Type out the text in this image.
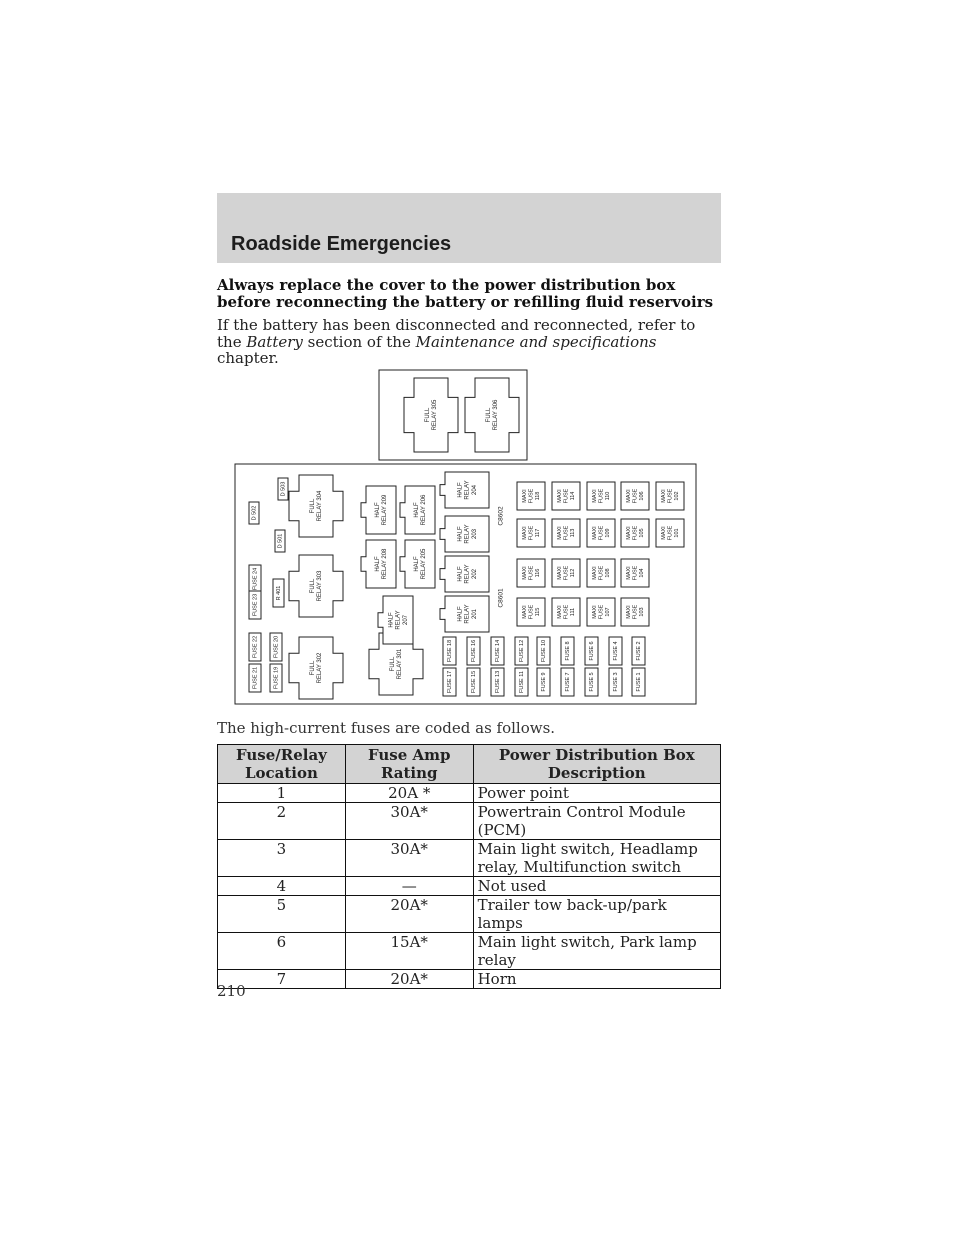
Roadside Emergencies
Always replace the cover to the power distribution box before reconnecting the battery or refilling fluid reservoirs
If the battery has been disconnected and reconnected, refer to the Battery section of the Maintenance and specifications chapter.
FULL RELAY 305	FULL RELAY 306
D 503
D 502
D 501
R 401
FUSE 24
FUSE 23
FUSE 22
FUSE 21
FUSE 20
FUSE 19
FULL RELAY 304
FULL RELAY 303
FULL RELAY 302	FULL RELAY 301
HALF RELAY 209	HALF RELAY 206
HALF RELAY 208	HALF RELAY 205
HALF RELAY 207
HALF RELAY 204
HALF RELAY 203
HALF RELAY 202
HALF RELAY 201
C8602
C8601
MAXI FUSE 118	MAXI FUSE 114	MAXI FUSE 110	MAXI FUSE 106	MAXI FUSE 102
MAXI FUSE 117	MAXI FUSE 113	MAXI FUSE 109	MAXI FUSE 105	MAXI FUSE 101
MAXI FUSE 116	MAXI FUSE 112	MAXI FUSE 108	MAXI FUSE 104
MAXI FUSE 115	MAXI FUSE 111	MAXI FUSE 107	MAXI FUSE 103
FUSE 18
FUSE 17
FUSE 16
FUSE 15
FUSE 14
FUSE 13
FUSE 12
FUSE 11
FUSE 10
FUSE 9
FUSE 8
FUSE 7
FUSE 6
FUSE 5
FUSE 4
FUSE 3
FUSE 2
FUSE 1
The high-current fuses are coded as follows.
Fuse/Relay Location	Fuse Amp Rating	Power Distribution Box Description
1	20A *	Power point
2	30A*	Powertrain Control Module (PCM)
3	30A*	Main light switch, Headlamp relay, Multifunction switch
4	—	Not used
5	20A*	Trailer tow back-up/park lamps
6	15A*	Main light switch, Park lamp relay
7	20A*	Horn
210
